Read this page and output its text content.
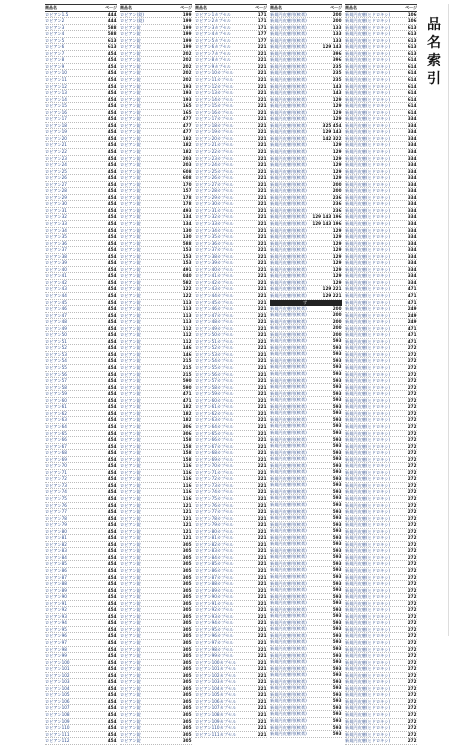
品
名
索
引
商品名	ページ
ロビアン1.5	444
ロビアン2	444
ロビアン3	588
ロビアン4	588
ロビアン5	613
ロビアン6	613
ロビアン7	454
ロビアン8	454
ロビアン9	454
ロビアン10	454
ロビアン11	454
ロビアン12	454
ロビアン13	454
ロビアン14	454
ロビアン15	454
ロビアン16	454
ロビアン17	454
ロビアン18	454
ロビアン19	454
ロビアン20	454
ロビアン21	454
ロビアン22	454
ロビアン23	454
ロビアン24	454
ロビアン25	454
ロビアン26	454
ロビアン27	454
ロビアン28	454
ロビアン29	454
ロビアン30	454
ロビアン31	454
ロビアン32	454
ロビアン33	454
ロビアン34	454
ロビアン35	454
ロビアン36	454
ロビアン37	454
ロビアン38	454
ロビアン39	454
ロビアン40	454
ロビアン41	454
ロビアン42	454
ロビアン43	454
ロビアン44	454
ロビアン45	454
ロビアン46	454
ロビアン47	454
ロビアン48	454
ロビアン49	454
ロビアン50	454
ロビアン51	454
ロビアン52	454
ロビアン53	454
ロビアン54	454
ロビアン55	454
ロビアン56	454
ロビアン57	454
ロビアン58	454
ロビアン59	454
ロビアン60	454
ロビアン61	454
ロビアン62	454
ロビアン63	454
ロビアン64	454
ロビアン65	454
ロビアン66	454
ロビアン67	454
ロビアン68	454
ロビアン69	454
ロビアン70	454
ロビアン71	454
ロビアン72	454
ロビアン73	454
ロビアン74	454
ロビアン75	454
ロビアン76	454
ロビアン77	454
ロビアン78	454
ロビアン79	454
ロビアン80	454
ロビアン81	454
ロビアン82	454
ロビアン83	454
ロビアン84	454
ロビアン85	454
ロビアン86	454
ロビアン87	454
ロビアン88	454
ロビアン89	454
ロビアン90	454
ロビアン91	454
ロビアン92	454
ロビアン93	454
ロビアン94	454
ロビアン95	454
ロビアン96	454
ロビアン97	454
ロビアン98	454
ロビアン99	454
ロビアン100	454
ロビアン101	454
ロビアン102	454
ロビアン103	454
ロビアン104	454
ロビアン105	454
ロビアン106	454
ロビアン107	454
ロビアン108	454
ロビアン109	454
ロビアン110	454
ロビアン111	454
ロビアン112	454
商品名	ページ
ロビアン(錠)	199
ロビアン(錠)	199
ロビアン錠	199
ロビアン錠	199
ロビアン錠	199
ロビアン錠	199
ロビアン錠	202
ロビアン錠	202
ロビアン錠	202
ロビアン錠	202
ロビアン錠	202
ロビアン錠	193
ロビアン錠	193
ロビアン錠	193
ロビアン錠	165
ロビアン錠	165
ロビアン錠	477
ロビアン錠	477
ロビアン錠	477
ロビアン錠	182
ロビアン錠	182
ロビアン錠	182
ロビアン錠	203
ロビアン錠	203
ロビアン錠	608
ロビアン錠	608
ロビアン錠	170
ロビアン錠	157
ロビアン錠	178
ロビアン錠	178
ロビアン錠	493
ロビアン錠	134
ロビアン錠	134
ロビアン錠	130
ロビアン錠	130
ロビアン錠	588
ロビアン錠	153
ロビアン錠	153
ロビアン錠	153
ロビアン錠	491
ロビアン錠	040
ロビアン錠	582
ロビアン錠	122
ロビアン錠	122
ロビアン錠	113
ロビアン錠	113
ロビアン錠	113
ロビアン錠	113
ロビアン錠	112
ロビアン錠	112
ロビアン錠	112
ロビアン錠	146
ロビアン錠	146
ロビアン錠	215
ロビアン錠	215
ロビアン錠	215
ロビアン錠	590
ロビアン錠	590
ロビアン錠	471
ロビアン錠	471
ロビアン錠	182
ロビアン錠	182
ロビアン錠	182
ロビアン錠	306
ロビアン錠	306
ロビアン錠	158
ロビアン錠	158
ロビアン錠	158
ロビアン錠	158
ロビアン錠	116
ロビアン錠	116
ロビアン錠	116
ロビアン錠	116
ロビアン錠	116
ロビアン錠	116
ロビアン錠	121
ロビアン錠	121
ロビアン錠	121
ロビアン錠	121
ロビアン錠	121
ロビアン錠	121
ロビアン錠	305
ロビアン錠	305
ロビアン錠	305
ロビアン錠	305
ロビアン錠	305
ロビアン錠	305
ロビアン錠	305
ロビアン錠	305
ロビアン錠	305
ロビアン錠	305
ロビアン錠	305
ロビアン錠	305
ロビアン錠	305
ロビアン錠	305
ロビアン錠	305
ロビアン錠	305
ロビアン錠	305
ロビアン錠	305
ロビアン錠	305
ロビアン錠	305
ロビアン錠	305
ロビアン錠	305
ロビアン錠	305
ロビアン錠	305
ロビアン錠	305
ロビアン錠	305
ロビアン錠	305
ロビアン錠	305
ロビアン錠	305
ロビアン錠	305
ロビアン錠	305
商品名	ページ
ロビアン1カプセル	171
ロビアン2カプセル	171
ロビアン3カプセル	171
ロビアン4カプセル	177
ロビアン5カプセル	177
ロビアン6カプセル	221
ロビアン7カプセル	221
ロビアン8カプセル	221
ロビアン9カプセル	221
ロビアン10カプセル	221
ロビアン11カプセル	221
ロビアン12カプセル	221
ロビアン13カプセル	221
ロビアン14カプセル	221
ロビアン15カプセル	221
ロビアン16カプセル	221
ロビアン17カプセル	221
ロビアン18カプセル	221
ロビアン19カプセル	221
ロビアン20カプセル	221
ロビアン21カプセル	221
ロビアン22カプセル	221
ロビアン23カプセル	221
ロビアン24カプセル	221
ロビアン25カプセル	221
ロビアン26カプセル	221
ロビアン27カプセル	221
ロビアン28カプセル	221
ロビアン29カプセル	221
ロビアン30カプセル	221
ロビアン31カプセル	221
ロビアン32カプセル	221
ロビアン33カプセル	221
ロビアン34カプセル	221
ロビアン35カプセル	221
ロビアン36カプセル	221
ロビアン37カプセル	221
ロビアン38カプセル	221
ロビアン39カプセル	221
ロビアン40カプセル	221
ロビアン41カプセル	221
ロビアン42カプセル	221
ロビアン43カプセル	221
ロビアン44カプセル	221
ロビアン45カプセル	221
ロビアン46カプセル	221
ロビアン47カプセル	221
ロビアン48カプセル	221
ロビアン49カプセル	221
ロビアン50カプセル	221
ロビアン51カプセル	221
ロビアン52カプセル	221
ロビアン53カプセル	221
ロビアン54カプセル	221
ロビアン55カプセル	221
ロビアン56カプセル	221
ロビアン57カプセル	221
ロビアン58カプセル	221
ロビアン59カプセル	221
ロビアン60カプセル	221
ロビアン61カプセル	221
ロビアン62カプセル	221
ロビアン63カプセル	221
ロビアン64カプセル	221
ロビアン65カプセル	221
ロビアン66カプセル	221
ロビアン67カプセル	221
ロビアン68カプセル	221
ロビアン69カプセル	221
ロビアン70カプセル	221
ロビアン71カプセル	221
ロビアン72カプセル	221
ロビアン73カプセル	221
ロビアン74カプセル	221
ロビアン75カプセル	221
ロビアン76カプセル	221
ロビアン77カプセル	221
ロビアン78カプセル	221
ロビアン79カプセル	221
ロビアン80カプセル	221
ロビアン81カプセル	221
ロビアン82カプセル	221
ロビアン83カプセル	221
ロビアン84カプセル	221
ロビアン85カプセル	221
ロビアン86カプセル	221
ロビアン87カプセル	221
ロビアン88カプセル	221
ロビアン89カプセル	221
ロビアン90カプセル	221
ロビアン91カプセル	221
ロビアン92カプセル	221
ロビアン93カプセル	221
ロビアン94カプセル	221
ロビアン95カプセル	221
ロビアン96カプセル	221
ロビアン97カプセル	221
ロビアン98カプセル	221
ロビアン99カプセル	221
ロビアン100カプセル	221
ロビアン101カプセル	221
ロビアン102カプセル	221
ロビアン103カプセル	221
ロビアン104カプセル	221
ロビアン105カプセル	221
ロビアン106カプセル	221
ロビアン107カプセル	221
ロビアン108カプセル	221
ロビアン109カプセル	221
ロビアン110カプセル	221
ロビアン111カプセル	221
商品名	ページ
新規円皮膚用(軟膏)	200
新規円皮膚用(軟膏)	200
新規円皮膚用(軟膏)	133
新規円皮膚用(軟膏)	133
新規円皮膚用(軟膏)	133
新規円皮膚用(軟膏)	129 143
新規円皮膚用(軟膏)	396
新規円皮膚用(軟膏)	396
新規円皮膚用(軟膏)	235
新規円皮膚用(軟膏)	235
新規円皮膚用(軟膏)	235
新規円皮膚用(軟膏)	143
新規円皮膚用(軟膏)	143
新規円皮膚用(軟膏)	129
新規円皮膚用(軟膏)	129
新規円皮膚用(軟膏)	129
新規円皮膚用(軟膏)	129
新規円皮膚用(軟膏)	325 454
新規円皮膚用(軟膏)	129 143
新規円皮膚用(軟膏)	142 322
新規円皮膚用(軟膏)	129
新規円皮膚用(軟膏)	129
新規円皮膚用(軟膏)	129
新規円皮膚用(軟膏)	129
新規円皮膚用(軟膏)	129
新規円皮膚用(軟膏)	129
新規円皮膚用(軟膏)	200
新規円皮膚用(軟膏)	200
新規円皮膚用(軟膏)	236
新規円皮膚用(軟膏)	236
新規円皮膚用(軟膏)	236
新規円皮膚用(軟膏) 129 143 196
新規円皮膚用(軟膏) 129 143 196
新規円皮膚用(軟膏)	129
新規円皮膚用(軟膏)	129
新規円皮膚用(軟膏)	129
新規円皮膚用(軟膏)	129
新規円皮膚用(軟膏)	129
新規円皮膚用(軟膏)	129
新規円皮膚用(軟膏)	129
新規円皮膚用(軟膏)	129
新規円皮膚用(軟膏)	129
新規円皮膚用(軟膏)	129 221
新規円皮膚用(軟膏)	129 221
ず
新規円皮膚用(軟膏)	200
新規円皮膚用(軟膏)	200
新規円皮膚用(軟膏)	200
新規円皮膚用(軟膏)	200
新規円皮膚用(軟膏)	200
新規円皮膚用(軟膏)	593
新規円皮膚用(軟膏)	593
新規円皮膚用(軟膏)	593
新規円皮膚用(軟膏)	593
新規円皮膚用(軟膏)	593
新規円皮膚用(軟膏)	593
新規円皮膚用(軟膏)	593
新規円皮膚用(軟膏)	593
新規円皮膚用(軟膏)	593
新規円皮膚用(軟膏)	593
新規円皮膚用(軟膏)	593
新規円皮膚用(軟膏)	593
新規円皮膚用(軟膏)	593
新規円皮膚用(軟膏)	593
新規円皮膚用(軟膏)	593
新規円皮膚用(軟膏)	593
新規円皮膚用(軟膏)	593
新規円皮膚用(軟膏)	593
新規円皮膚用(軟膏)	593
新規円皮膚用(軟膏)	593
新規円皮膚用(軟膏)	593
新規円皮膚用(軟膏)	593
新規円皮膚用(軟膏)	593
新規円皮膚用(軟膏)	593
新規円皮膚用(軟膏)	593
新規円皮膚用(軟膏)	593
新規円皮膚用(軟膏)	593
新規円皮膚用(軟膏)	593
新規円皮膚用(軟膏)	593
新規円皮膚用(軟膏)	593
新規円皮膚用(軟膏)	593
新規円皮膚用(軟膏)	593
新規円皮膚用(軟膏)	593
新規円皮膚用(軟膏)	593
新規円皮膚用(軟膏)	593
新規円皮膚用(軟膏)	593
新規円皮膚用(軟膏)	593
新規円皮膚用(軟膏)	593
新規円皮膚用(軟膏)	593
新規円皮膚用(軟膏)	593
新規円皮膚用(軟膏)	593
新規円皮膚用(軟膏)	593
新規円皮膚用(軟膏)	593
新規円皮膚用(軟膏)	593
新規円皮膚用(軟膏)	593
新規円皮膚用(軟膏)	593
新規円皮膚用(軟膏)	593
新規円皮膚用(軟膏)	593
新規円皮膚用(軟膏)	593
新規円皮膚用(軟膏)	593
新規円皮膚用(軟膏)	593
新規円皮膚用(軟膏)	593
新規円皮膚用(軟膏)	593
新規円皮膚用(軟膏)	593
新規円皮膚用(軟膏)	593
新規円皮膚用(軟膏)	593
新規円皮膚用(軟膏)	593
新規円皮膚用(軟膏)	593
新規円皮膚用(軟膏)	593
新規円皮膚用(軟膏)	593
新規円皮膚用(軟膏)	593
商品名	ページ
新規円皮膚(ヒドロキシ)	106
新規円皮膚(ヒドロキシ)	106
新規円皮膚(ヒドロキシ)	613
新規円皮膚(ヒドロキシ)	613
新規円皮膚(ヒドロキシ)	613
新規円皮膚(ヒドロキシ)	613
新規円皮膚(ヒドロキシ)	613
新規円皮膚(ヒドロキシ)	614
新規円皮膚(ヒドロキシ)	614
新規円皮膚(ヒドロキシ)	614
新規円皮膚(ヒドロキシ)	614
新規円皮膚(ヒドロキシ)	614
新規円皮膚(ヒドロキシ)	614
新規円皮膚(ヒドロキシ)	614
新規円皮膚(ヒドロキシ)	614
新規円皮膚(ヒドロキシ)	614
新規円皮膚(ヒドロキシ)	334
新規円皮膚(ヒドロキシ)	334
新規円皮膚(ヒドロキシ)	334
新規円皮膚(ヒドロキシ)	334
新規円皮膚(ヒドロキシ)	334
新規円皮膚(ヒドロキシ)	334
新規円皮膚(ヒドロキシ)	334
新規円皮膚(ヒドロキシ)	334
新規円皮膚(ヒドロキシ)	334
新規円皮膚(ヒドロキシ)	334
新規円皮膚(ヒドロキシ)	334
新規円皮膚(ヒドロキシ)	334
新規円皮膚(ヒドロキシ)	334
新規円皮膚(ヒドロキシ)	334
新規円皮膚(ヒドロキシ)	334
新規円皮膚(ヒドロキシ)	334
新規円皮膚(ヒドロキシ)	334
新規円皮膚(ヒドロキシ)	334
新規円皮膚(ヒドロキシ)	334
新規円皮膚(ヒドロキシ)	334
新規円皮膚(ヒドロキシ)	334
新規円皮膚(ヒドロキシ)	334
新規円皮膚(ヒドロキシ)	334
新規円皮膚(ヒドロキシ)	334
新規円皮膚(ヒドロキシ)	334
新規円皮膚(ヒドロキシ)	334
新規円皮膚(ヒドロキシ)	471
新規円皮膚(ヒドロキシ)	471
新規円皮膚(ヒドロキシ)	471
新規円皮膚(ヒドロキシ)	249
新規円皮膚(ヒドロキシ)	249
新規円皮膚(ヒドロキシ)	249
新規円皮膚(ヒドロキシ)	471
新規円皮膚(ヒドロキシ)	471
新規円皮膚(ヒドロキシ)	471
新規円皮膚(ヒドロキシ)	272
新規円皮膚(ヒドロキシ)	272
新規円皮膚(ヒドロキシ)	272
新規円皮膚(ヒドロキシ)	272
新規円皮膚(ヒドロキシ)	272
新規円皮膚(ヒドロキシ)	272
新規円皮膚(ヒドロキシ)	272
新規円皮膚(ヒドロキシ)	272
新規円皮膚(ヒドロキシ)	272
新規円皮膚(ヒドロキシ)	272
新規円皮膚(ヒドロキシ)	272
新規円皮膚(ヒドロキシ)	272
新規円皮膚(ヒドロキシ)	272
新規円皮膚(ヒドロキシ)	272
新規円皮膚(ヒドロキシ)	272
新規円皮膚(ヒドロキシ)	272
新規円皮膚(ヒドロキシ)	272
新規円皮膚(ヒドロキシ)	272
新規円皮膚(ヒドロキシ)	272
新規円皮膚(ヒドロキシ)	272
新規円皮膚(ヒドロキシ)	272
新規円皮膚(ヒドロキシ)	272
新規円皮膚(ヒドロキシ)	272
新規円皮膚(ヒドロキシ)	272
新規円皮膚(ヒドロキシ)	272
新規円皮膚(ヒドロキシ)	272
新規円皮膚(ヒドロキシ)	272
新規円皮膚(ヒドロキシ)	272
新規円皮膚(ヒドロキシ)	272
新規円皮膚(ヒドロキシ)	272
新規円皮膚(ヒドロキシ)	272
新規円皮膚(ヒドロキシ)	272
新規円皮膚(ヒドロキシ)	272
新規円皮膚(ヒドロキシ)	272
新規円皮膚(ヒドロキシ)	272
新規円皮膚(ヒドロキシ)	272
新規円皮膚(ヒドロキシ)	272
新規円皮膚(ヒドロキシ)	272
新規円皮膚(ヒドロキシ)	272
新規円皮膚(ヒドロキシ)	272
新規円皮膚(ヒドロキシ)	272
新規円皮膚(ヒドロキシ)	272
新規円皮膚(ヒドロキシ)	272
新規円皮膚(ヒドロキシ)	272
新規円皮膚(ヒドロキシ)	272
新規円皮膚(ヒドロキシ)	272
新規円皮膚(ヒドロキシ)	272
新規円皮膚(ヒドロキシ)	272
新規円皮膚(ヒドロキシ)	272
新規円皮膚(ヒドロキシ)	272
新規円皮膚(ヒドロキシ)	272
新規円皮膚(ヒドロキシ)	272
新規円皮膚(ヒドロキシ)	272
新規円皮膚(ヒドロキシ)	272
新規円皮膚(ヒドロキシ)	272
新規円皮膚(ヒドロキシ)	272
新規円皮膚(ヒドロキシ)	272
新規円皮膚(ヒドロキシ)	272
新規円皮膚(ヒドロキシ)	272
新規円皮膚(ヒドロキシ)	272
新規円皮膚(ヒドロキシ)	272
